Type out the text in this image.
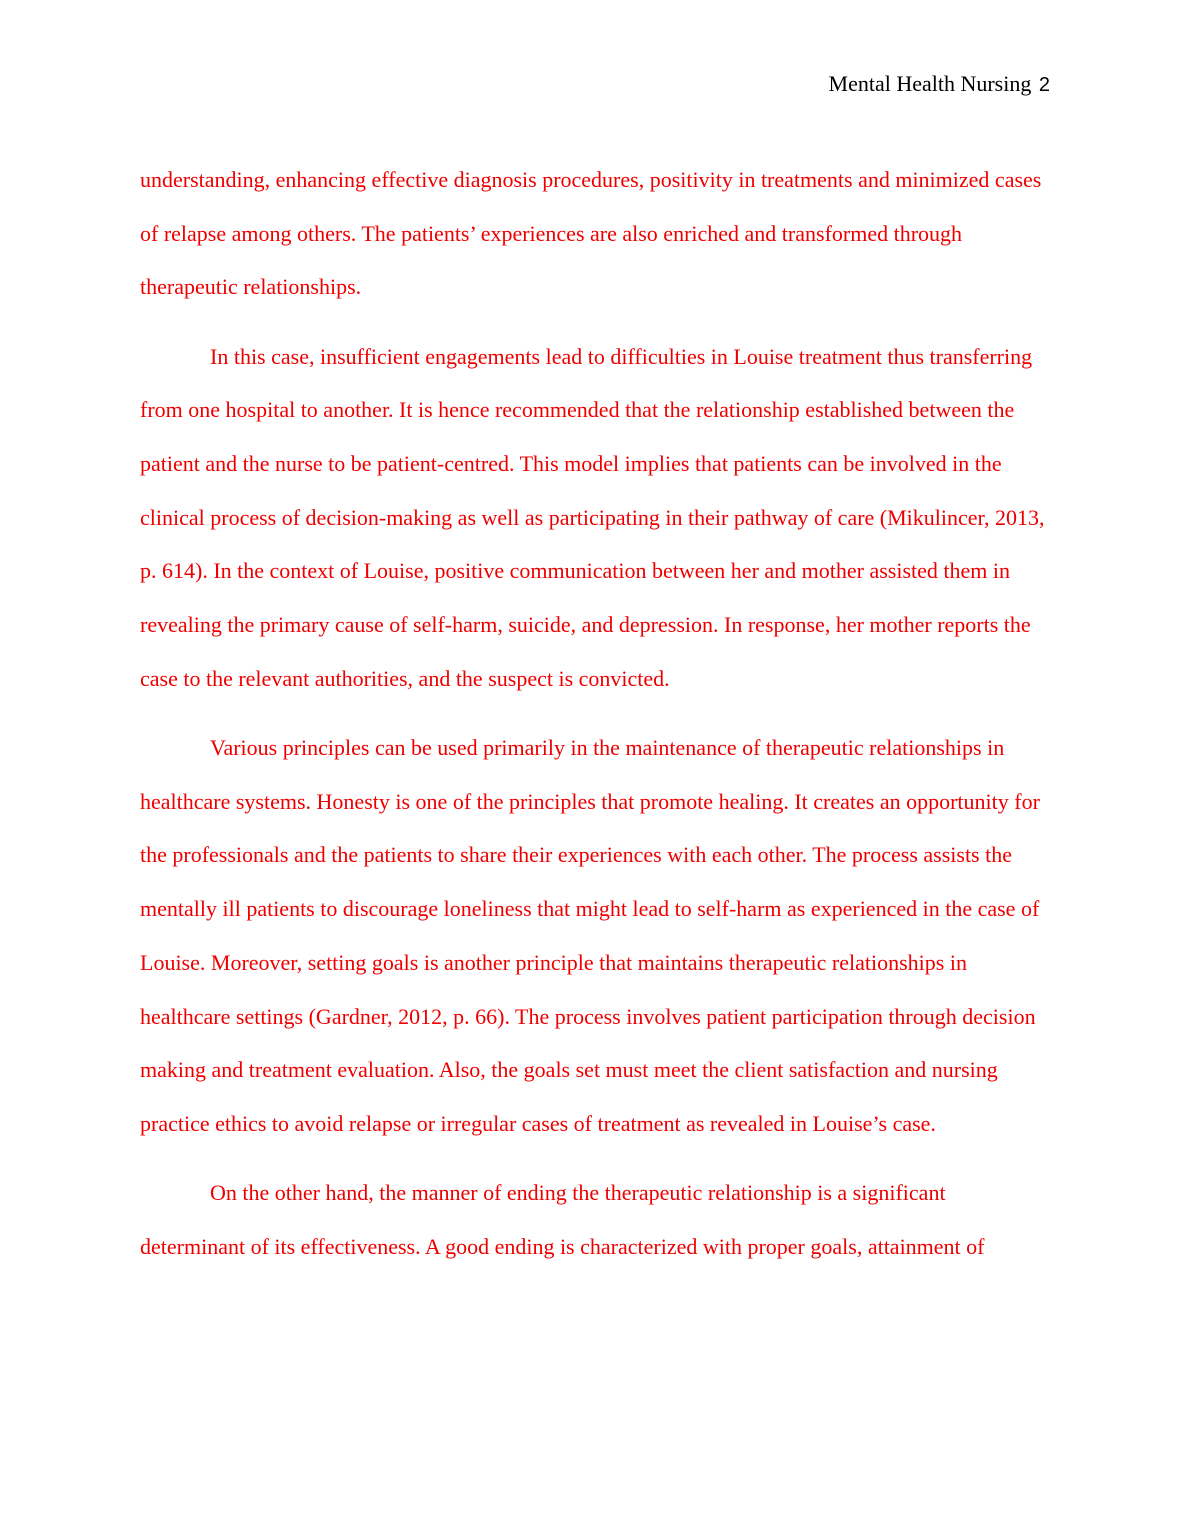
Mental Health Nursing 2

understanding, enhancing effective diagnosis procedures, positivity in treatments and minimized cases of relapse among others. The patients’ experiences are also enriched and transformed through therapeutic relationships.

In this case, insufficient engagements lead to difficulties in Louise treatment thus transferring from one hospital to another. It is hence recommended that the relationship established between the patient and the nurse to be patient-centred. This model implies that patients can be involved in the clinical process of decision-making as well as participating in their pathway of care (Mikulincer, 2013, p. 614). In the context of Louise, positive communication between her and mother assisted them in revealing the primary cause of self-harm, suicide, and depression. In response, her mother reports the case to the relevant authorities, and the suspect is convicted.

Various principles can be used primarily in the maintenance of therapeutic relationships in healthcare systems. Honesty is one of the principles that promote healing. It creates an opportunity for the professionals and the patients to share their experiences with each other. The process assists the mentally ill patients to discourage loneliness that might lead to self-harm as experienced in the case of Louise. Moreover, setting goals is another principle that maintains therapeutic relationships in healthcare settings (Gardner, 2012, p. 66). The process involves patient participation through decision making and treatment evaluation. Also, the goals set must meet the client satisfaction and nursing practice ethics to avoid relapse or irregular cases of treatment as revealed in Louise’s case.

On the other hand, the manner of ending the therapeutic relationship is a significant determinant of its effectiveness. A good ending is characterized with proper goals, attainment of
